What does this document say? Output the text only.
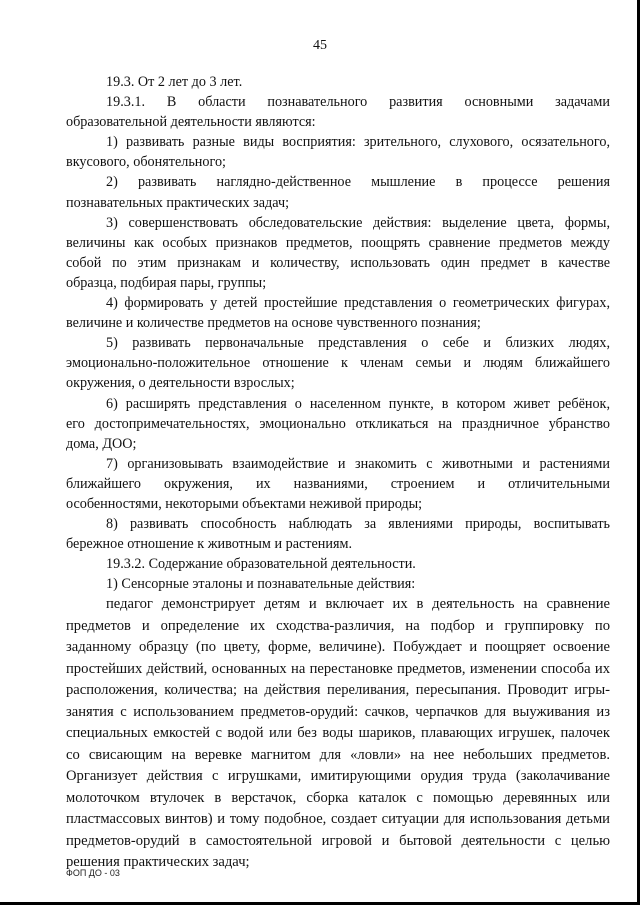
45

19.3. От 2 лет до 3 лет.

19.3.1. В области познавательного развития основными задачами

образовательной деятельности являются:

1) развивать разные виды восприятия: зрительного, слухового, осязательного,

вкусового, обонятельного;

2) развивать наглядно-действенное мышление в процессе решения

познавательных практических задач;

3) совершенствовать обследовательские действия: выделение цвета, формы,

величины как особых признаков предметов, поощрять сравнение предметов между

собой по этим признакам и количеству, использовать один предмет в качестве

образца, подбирая пары, группы;

4) формировать у детей простейшие представления о геометрических фигурах,

величине и количестве предметов на основе чувственного познания;

5) развивать первоначальные представления о себе и близких людях,

эмоционально-положительное отношение к членам семьи и людям ближайшего

окружения, о деятельности взрослых;

6) расширять представления о населенном пункте, в котором живет ребёнок,

его достопримечательностях, эмоционально откликаться на праздничное убранство

дома, ДОО;

7) организовывать взаимодействие и знакомить с животными и растениями

ближайшего окружения, их названиями, строением и отличительными

особенностями, некоторыми объектами неживой природы;

8) развивать способность наблюдать за явлениями природы, воспитывать

бережное отношение к животным и растениям.

19.3.2. Содержание образовательной деятельности.

1) Сенсорные эталоны и познавательные действия:

педагог демонстрирует детям и включает их в деятельность на сравнение

предметов и определение их сходства-различия, на подбор и группировку по

заданному образцу (по цвету, форме, величине). Побуждает и поощряет освоение

простейших действий, основанных на перестановке предметов, изменении способа их

расположения, количества; на действия переливания, пересыпания. Проводит игры-

занятия с использованием предметов-орудий: сачков, черпачков для выуживания из

специальных емкостей с водой или без воды шариков, плавающих игрушек, палочек

со свисающим на веревке магнитом для «ловли» на нее небольших предметов.

Организует действия с игрушками, имитирующими орудия труда (заколачивание

молоточком втулочек в верстачок, сборка каталок с помощью деревянных или

пластмассовых винтов) и тому подобное, создает ситуации для использования детьми

предметов-орудий в самостоятельной игровой и бытовой деятельности с целью

решения практических задач;

ФОП ДО - 03
